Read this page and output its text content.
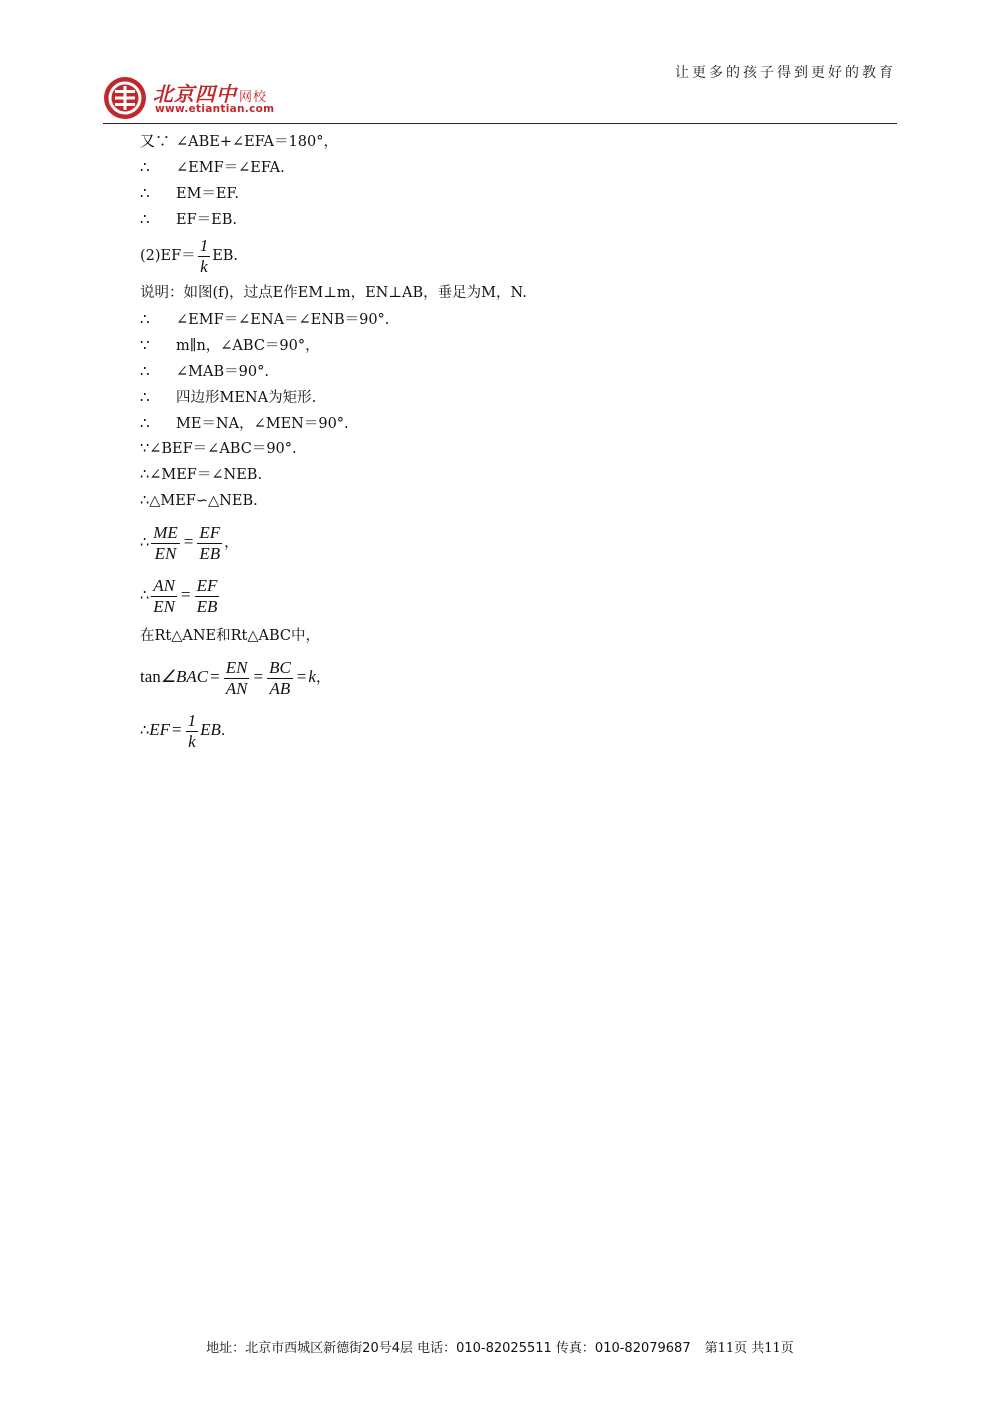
北京四中 网校
www.etiantian.com
让更多的孩子得到更好的教育
又∵ ∠ABE+∠EFA＝180°，
∴ ∠EMF＝∠EFA.
∴ EM＝EF.
∴ EF＝EB.
$(2)EF= \frac{1}{k}$ EB.
说明：如图(f)，过点E作EM⊥m，EN⊥AB，垂足为M，N.
∴ ∠EMF＝∠ENA＝∠ENB＝90°.
∵ m∥n，∠ABC＝90°，
∴ ∠MAB＝90°.
∴ 四边形MENA为矩形.
∴ ME＝NA，∠MEN＝90°.
∵∠BEF＝∠ABC＝90°.
∴∠MEF＝∠NEB.
∴△MEF∽△NEB.
∴ $\frac{ME}{EN} = \frac{EF}{EB}$ ，
∴ $\frac{AN}{EN} = \frac{EF}{EB}$
在Rt△ANE和Rt△ABC中，
tan∠BAC = $\frac{EN}{AN} = \frac{BC}{AB} = k$，
∴EF = $\frac{1}{k}$ EB.
地址：北京市西城区新德街20号4层 电话：010-82025511 传真：010-82079687 第11页 共11页
